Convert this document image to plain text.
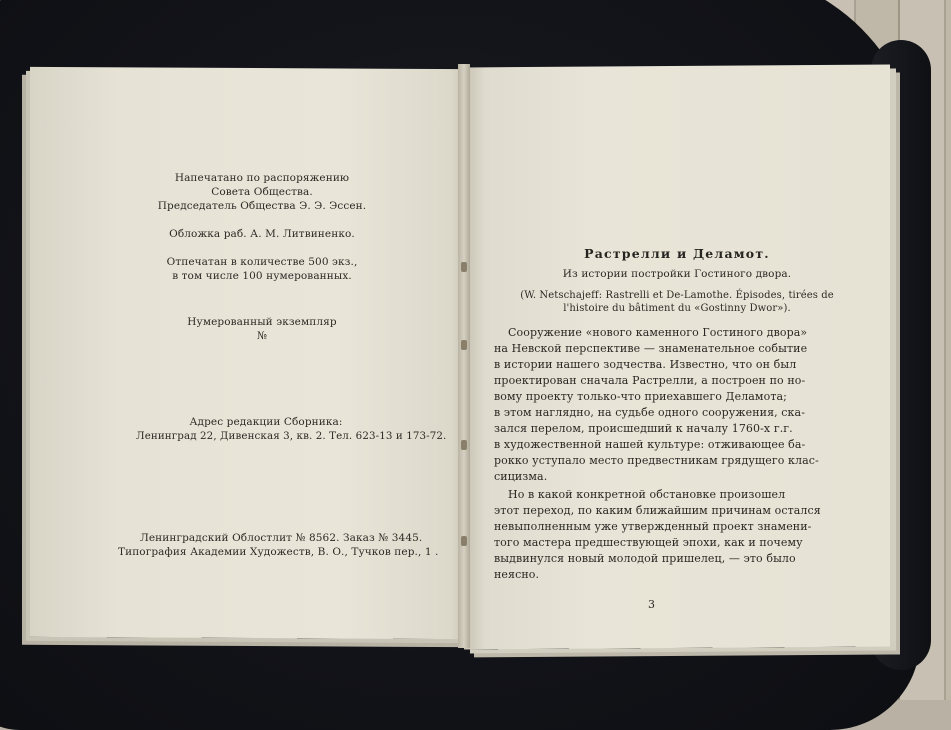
Напечатано по распоряжению
Совета Общества.
Председатель Общества Э. Э. Эссен.
Обложка раб. А. М. Литвиненко.
Отпечатан в количестве 500 экз.,
в том числе 100 нумерованных.
Нумерованный экземпляр
№
Адрес редакции Сборника:
Ленинград 22, Дивенская 3, кв. 2. Тел. 623-13 и 173-72.
Ленинградский Облостлит № 8562. Заказ № 3445.
Типография Академии Художеств, В. О., Тучков пер., 1 .
Растрелли и Деламот.
Из истории постройки Гостиного двора.
(W. Netschajeff: Rastrelli et De-Lamothe. Épisodes, tirées de
l'histoire du bâtiment du «Gostinny Dwor»).
Сооружение «нового каменного Гостиного двора»
на Невской перспективе — знаменательное событие
в истории нашего зодчества. Известно, что он был
проектирован сначала Растрелли, а построен по но-
вому проекту только-что приехавшего Деламота;
в этом наглядно, на судьбе одного сооружения, ска-
зался перелом, происшедший к началу 1760-х г.г.
в художественной нашей культуре: отживающее ба-
рокко уступало место предвестникам грядущего клас-
сицизма.
Но в какой конкретной обстановке произошел
этот переход, по каким ближайшим причинам остался
невыполненным уже утвержденный проект знамени-
того мастера предшествующей эпохи, как и почему
выдвинулся новый молодой пришелец, — это было
неясно.
3
